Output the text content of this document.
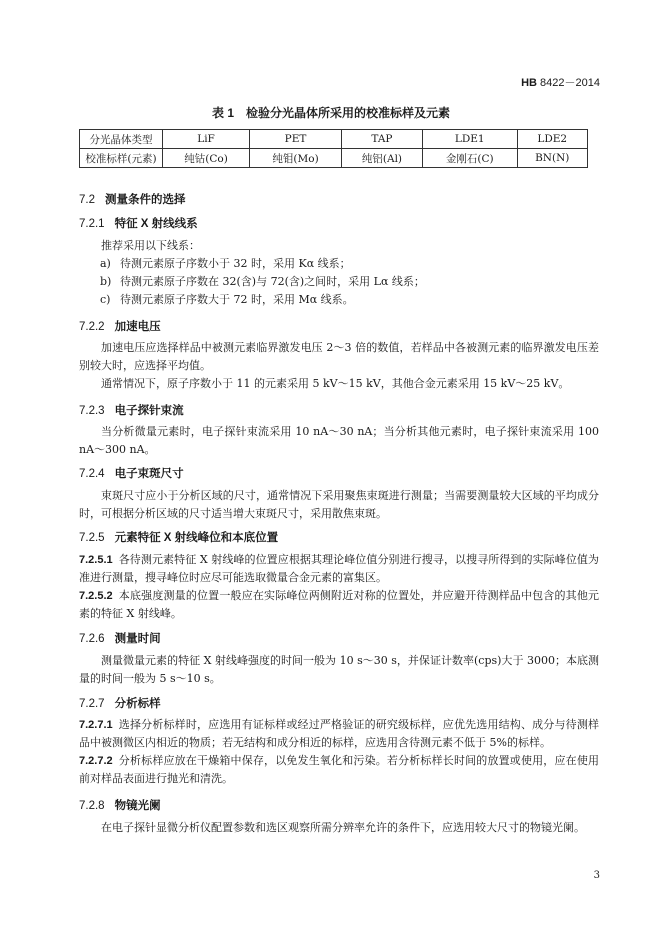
HB 8422－2014
表 1　检验分光晶体所采用的校准标样及元素
分光晶体类型	LiF	PET	TAP	LDE1	LDE2
校准标样(元素)	纯钴(Co)	纯钼(Mo)	纯铝(Al)	金刚石(C)	BN(N)
7.2 测量条件的选择
7.2.1 特征 X 射线线系
推荐采用以下线系：
a) 待测元素原子序数小于 32 时，采用 Kα 线系；
b) 待测元素原子序数在 32(含)与 72(含)之间时，采用 Lα 线系；
c) 待测元素原子序数大于 72 时，采用 Mα 线系。
7.2.2 加速电压
加速电压应选择样品中被测元素临界激发电压 2～3 倍的数值，若样品中各被测元素的临界激发电压差别较大时，应选择平均值。
通常情况下，原子序数小于 11 的元素采用 5 kV～15 kV，其他合金元素采用 15 kV～25 kV。
7.2.3 电子探针束流
当分析微量元素时，电子探针束流采用 10 nA～30 nA；当分析其他元素时，电子探针束流采用 100 nA～300 nA。
7.2.4 电子束斑尺寸
束斑尺寸应小于分析区域的尺寸，通常情况下采用聚焦束斑进行测量；当需要测量较大区域的平均成分时，可根据分析区域的尺寸适当增大束斑尺寸，采用散焦束斑。
7.2.5 元素特征 X 射线峰位和本底位置
7.2.5.1 各待测元素特征 X 射线峰的位置应根据其理论峰位值分别进行搜寻，以搜寻所得到的实际峰位值为准进行测量，搜寻峰位时应尽可能选取微量合金元素的富集区。
7.2.5.2 本底强度测量的位置一般应在实际峰位两侧附近对称的位置处，并应避开待测样品中包含的其他元素的特征 X 射线峰。
7.2.6 测量时间
测量微量元素的特征 X 射线峰强度的时间一般为 10 s～30 s，并保证计数率(cps)大于 3000；本底测量的时间一般为 5 s～10 s。
7.2.7 分析标样
7.2.7.1 选择分析标样时，应选用有证标样或经过严格验证的研究级标样，应优先选用结构、成分与待测样品中被测微区内相近的物质；若无结构和成分相近的标样，应选用含待测元素不低于 5%的标样。
7.2.7.2 分析标样应放在干燥箱中保存，以免发生氧化和污染。若分析标样长时间的放置或使用，应在使用前对样品表面进行抛光和清洗。
7.2.8 物镜光阑
在电子探针显微分析仪配置参数和选区观察所需分辨率允许的条件下，应选用较大尺寸的物镜光阑。
3
